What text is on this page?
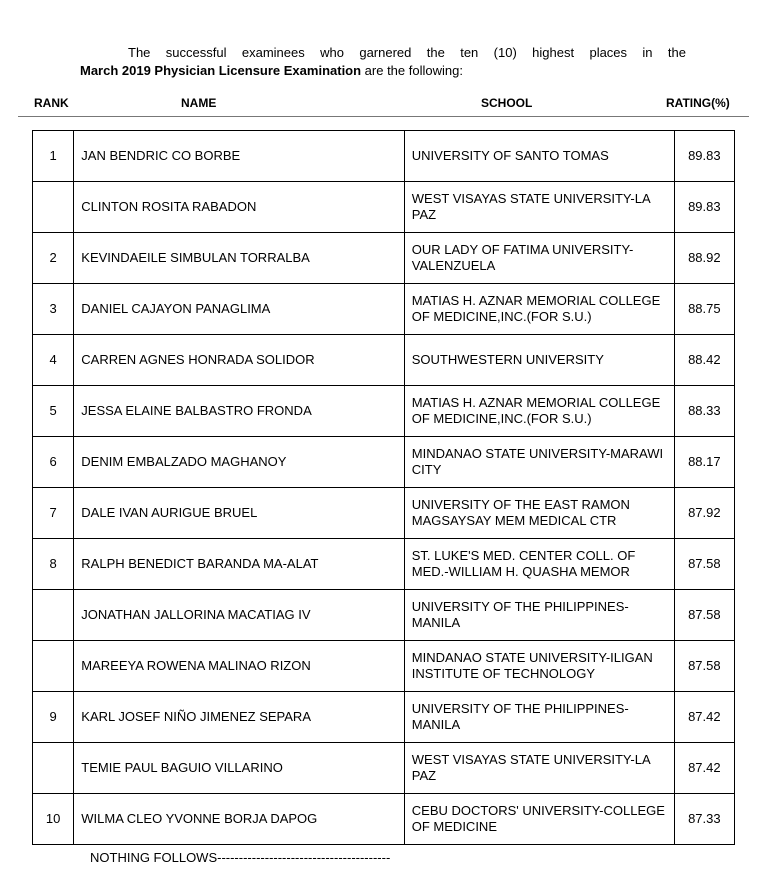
The successful examinees who garnered the ten (10) highest places in the
March 2019 Physician Licensure Examination are the following:
RANK	NAME	SCHOOL	RATING(%)
1	JAN BENDRIC CO BORBE	UNIVERSITY OF SANTO TOMAS	89.83
	CLINTON ROSITA RABADON	WEST VISAYAS STATE UNIVERSITY-LA PAZ	89.83
2	KEVINDAEILE SIMBULAN TORRALBA	OUR LADY OF FATIMA UNIVERSITY-VALENZUELA	88.92
3	DANIEL CAJAYON PANAGLIMA	MATIAS H. AZNAR MEMORIAL COLLEGE OF MEDICINE,INC.(FOR S.U.)	88.75
4	CARREN AGNES HONRADA SOLIDOR	SOUTHWESTERN UNIVERSITY	88.42
5	JESSA ELAINE BALBASTRO FRONDA	MATIAS H. AZNAR MEMORIAL COLLEGE OF MEDICINE,INC.(FOR S.U.)	88.33
6	DENIM EMBALZADO MAGHANOY	MINDANAO STATE UNIVERSITY-MARAWI CITY	88.17
7	DALE IVAN AURIGUE BRUEL	UNIVERSITY OF THE EAST RAMON MAGSAYSAY MEM MEDICAL CTR	87.92
8	RALPH BENEDICT BARANDA MA-ALAT	ST. LUKE'S MED. CENTER COLL. OF MED.-WILLIAM H. QUASHA MEMOR	87.58
	JONATHAN JALLORINA MACATIAG IV	UNIVERSITY OF THE PHILIPPINES-MANILA	87.58
	MAREEYA ROWENA MALINAO RIZON	MINDANAO STATE UNIVERSITY-ILIGAN INSTITUTE OF TECHNOLOGY	87.58
9	KARL JOSEF NIÑO JIMENEZ SEPARA	UNIVERSITY OF THE PHILIPPINES-MANILA	87.42
	TEMIE PAUL BAGUIO VILLARINO	WEST VISAYAS STATE UNIVERSITY-LA PAZ	87.42
10	WILMA CLEO YVONNE BORJA DAPOG	CEBU DOCTORS' UNIVERSITY-COLLEGE OF MEDICINE	87.33
NOTHING FOLLOWS----------------------------------------
